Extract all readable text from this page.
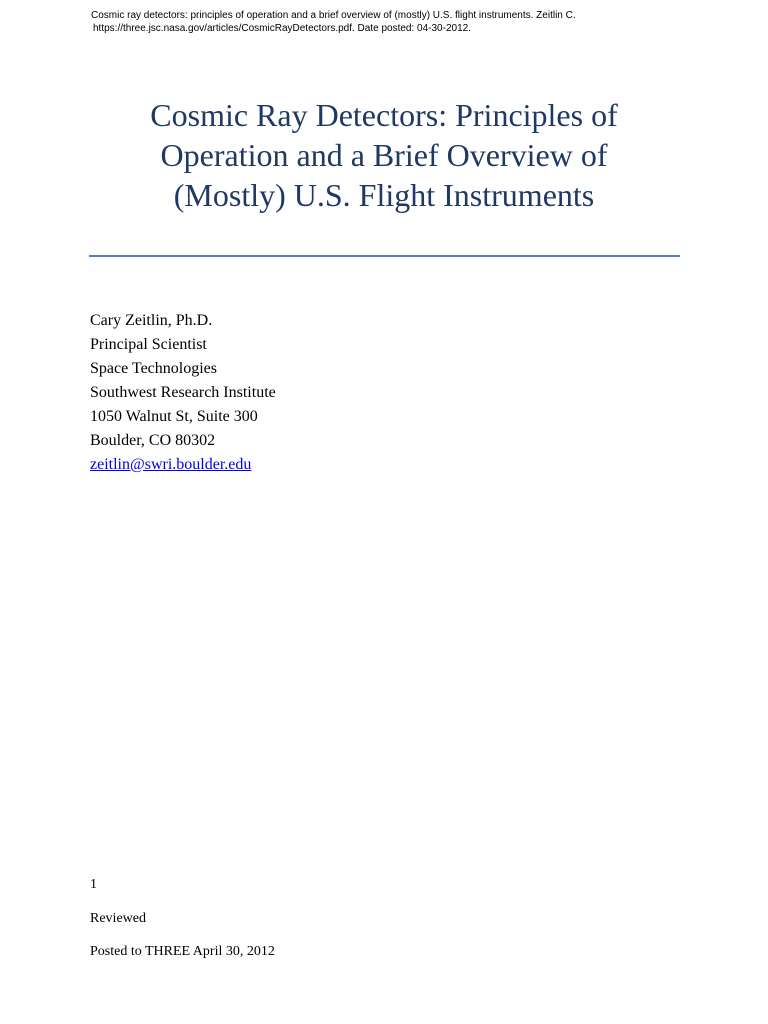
Cosmic ray detectors: principles of operation and a brief overview of (mostly) U.S. flight instruments. Zeitlin C.
https://three.jsc.nasa.gov/articles/CosmicRayDetectors.pdf. Date posted: 04-30-2012.
Cosmic Ray Detectors: Principles of
Operation and a Brief Overview of
(Mostly) U.S. Flight Instruments
Cary Zeitlin, Ph.D.
Principal Scientist
Space Technologies
Southwest Research Institute
1050 Walnut St, Suite 300
Boulder, CO 80302
zeitlin@swri.boulder.edu
1
Reviewed
Posted to THREE April 30, 2012
